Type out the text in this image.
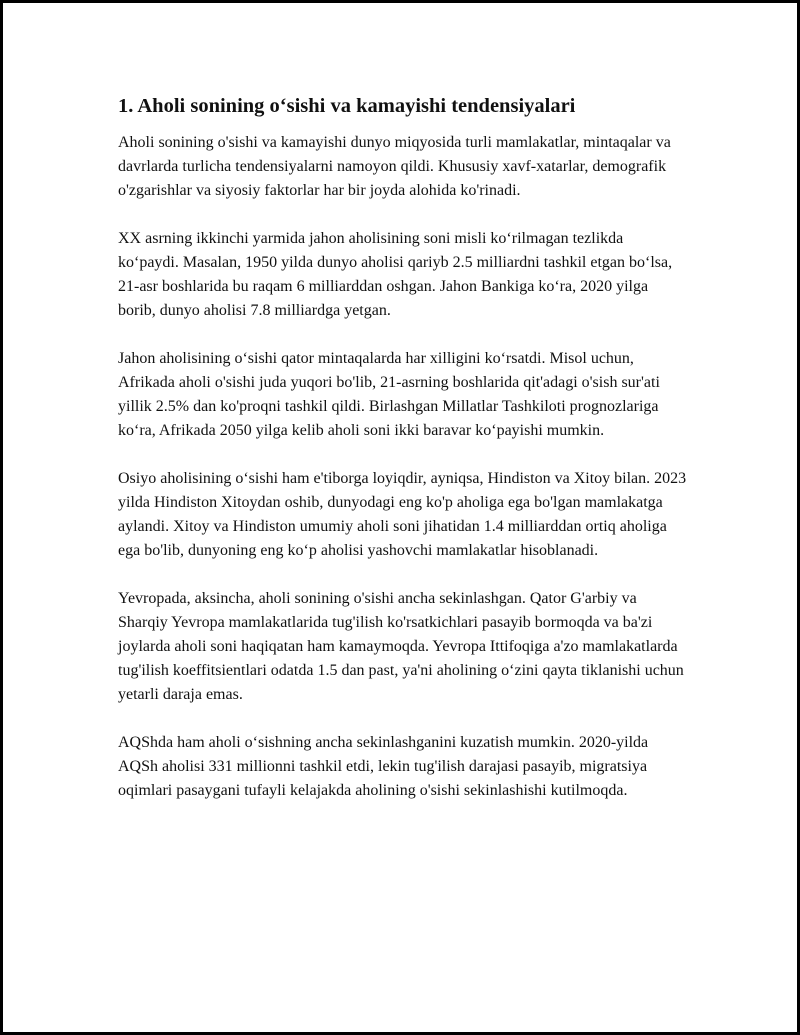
1. Aholi sonining o‘sishi va kamayishi tendensiyalari

Aholi sonining o'sishi va kamayishi dunyo miqyosida turli mamlakatlar, mintaqalar va davrlarda turlicha tendensiyalarni namoyon qildi. Khususiy xavf-xatarlar, demografik o'zgarishlar va siyosiy faktorlar har bir joyda alohida ko'rinadi.

XX asrning ikkinchi yarmida jahon aholisining soni misli ko‘rilmagan tezlikda ko‘paydi. Masalan, 1950 yilda dunyo aholisi qariyb 2.5 milliardni tashkil etgan bo‘lsa, 21-asr boshlarida bu raqam 6 milliarddan oshgan. Jahon Bankiga ko‘ra, 2020 yilga borib, dunyo aholisi 7.8 milliardga yetgan.

Jahon aholisining o‘sishi qator mintaqalarda har xilligini ko‘rsatdi. Misol uchun, Afrikada aholi o'sishi juda yuqori bo'lib, 21-asrning boshlarida qit'adagi o'sish sur'ati yillik 2.5% dan ko'proqni tashkil qildi. Birlashgan Millatlar Tashkiloti prognozlariga ko‘ra, Afrikada 2050 yilga kelib aholi soni ikki baravar ko‘payishi mumkin.

Osiyo aholisining o‘sishi ham e'tiborga loyiqdir, ayniqsa, Hindiston va Xitoy bilan. 2023 yilda Hindiston Xitoydan oshib, dunyodagi eng ko'p aholiga ega bo'lgan mamlakatga aylandi. Xitoy va Hindiston umumiy aholi soni jihatidan 1.4 milliarddan ortiq aholiga ega bo'lib, dunyoning eng ko‘p aholisi yashovchi mamlakatlar hisoblanadi.

Yevropada, aksincha, aholi sonining o'sishi ancha sekinlashgan. Qator G'arbiy va Sharqiy Yevropa mamlakatlarida tug'ilish ko'rsatkichlari pasayib bormoqda va ba'zi joylarda aholi soni haqiqatan ham kamaymoqda. Yevropa Ittifoqiga a'zo mamlakatlarda tug'ilish koeffitsientlari odatda 1.5 dan past, ya'ni aholining o‘zini qayta tiklanishi uchun yetarli daraja emas.

AQShda ham aholi o‘sishning ancha sekinlashganini kuzatish mumkin. 2020-yilda AQSh aholisi 331 millionni tashkil etdi, lekin tug'ilish darajasi pasayib, migratsiya oqimlari pasaygani tufayli kelajakda aholining o'sishi sekinlashishi kutilmoqda.
